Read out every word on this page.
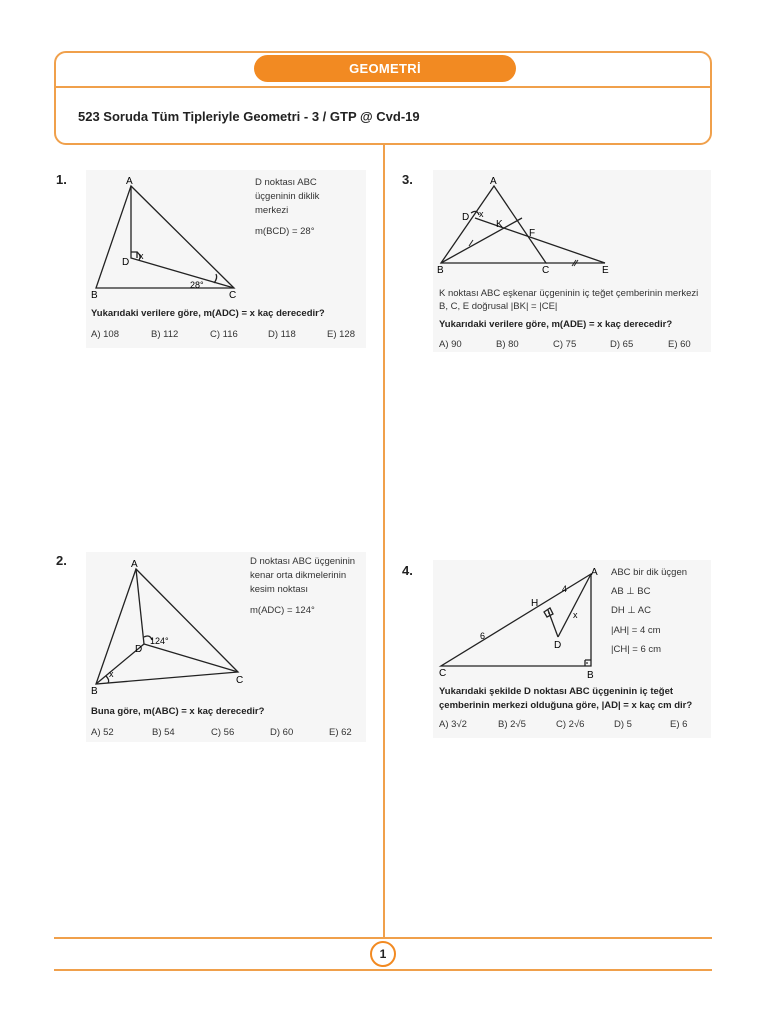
GEOMETRİ
523 Soruda Tüm Tipleriyle Geometri - 3 / GTP @ Cvd-19
1
1.	A
B	C
D
x
28°
D noktası ABC
üçgeninin diklik
merkezi
m(BCD) = 28°
Yukarıdaki verilere göre, m(ADC) = x kaç derecedir?
A) 108	B) 112	C) 116	D) 118	E) 128
2.	A
B
C
D
x
124°
D noktası ABC üçgeninin
kenar orta dikmelerinin
kesim noktası
m(ADC) = 124°
Buna göre, m(ABC) = x kaç derecedir?
A) 52	B) 54	C) 56	D) 60	E) 62
3.	A
B	C	E
D
K
F
x
K noktası ABC eşkenar üçgeninin iç teğet çemberinin merkezi
B, C, E doğrusal |BK| = |CE|
Yukarıdaki verilere göre, m(ADE) = x kaç derecedir?
A) 90	B) 80	C) 75	D) 65	E) 60
4.	A
B
C
D
H
x
4
6
ABC bir dik üçgen
AB ⊥ BC
DH ⊥ AC
|AH| = 4 cm
|CH| = 6 cm
Yukarıdaki şekilde D noktası ABC üçgeninin iç teğet
çemberinin merkezi olduğuna göre, |AD| = x kaç cm dir?
A) 3√2	B) 2√5	C) 2√6	D) 5	E) 6
